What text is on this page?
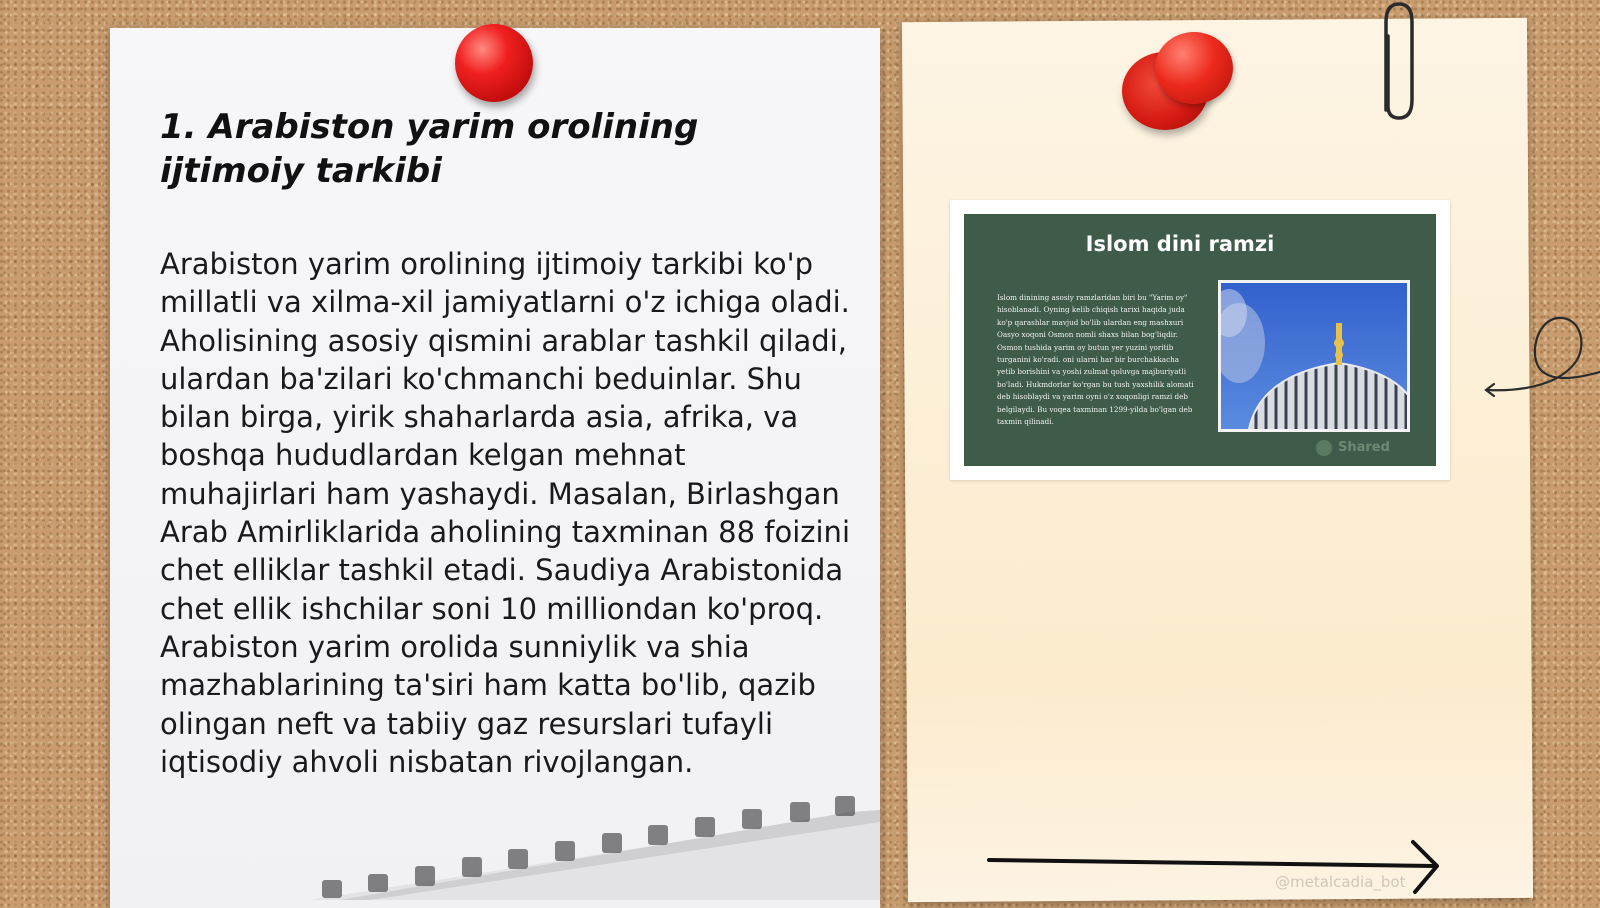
1. Arabiston yarim orolining ijtimoiy tarkibi

Arabiston yarim orolining ijtimoiy tarkibi ko'p millatli va xilma-xil jamiyatlarni o'z ichiga oladi. Aholisining asosiy qismini arablar tashkil qiladi, ulardan ba'zilari ko'chmanchi beduinlar. Shu bilan birga, yirik shaharlarda asia, afrika, va boshqa hududlardan kelgan mehnat muhajirlari ham yashaydi. Masalan, Birlashgan Arab Amirliklarida aholining taxminan 88 foizini chet elliklar tashkil etadi. Saudiya Arabistonida chet ellik ishchilar soni 10 milliondan ko'proq. Arabiston yarim orolida sunniylik va shia mazhablarining ta'siri ham katta bo'lib, qazib olingan neft va tabiiy gaz resurslari tufayli iqtisodiy ahvoli nisbatan rivojlangan.

Islom dini ramzi

Islom dinining asosiy ramzlaridan biri bu "Yarim oy" hisoblanadi. Oyning kelib chiqish tarixi haqida juda ko'p qarashlar mavjud bo'lib ulardan eng mashxuri Oasyo xoqoni Osmon nomli shaxs bilan bog'liqdir. Osmon tushida yarim oy butun yer yuzini yoritib turganini ko'radi. oni ularni har bir burchakkacha yetib borishini va yoshi zulmat qoluvga majburiyatli bo'ladi. Hukmdorlar ko'rgan bu tush yaxshilik alomati deb hisoblaydi va yarim oyni o'z xoqonligi ramzi deb belgilaydi. Bu voqea taxminan 1299-yilda bo'lgan deb taxmin qilinadi.

Shared
@metalcadia_bot
